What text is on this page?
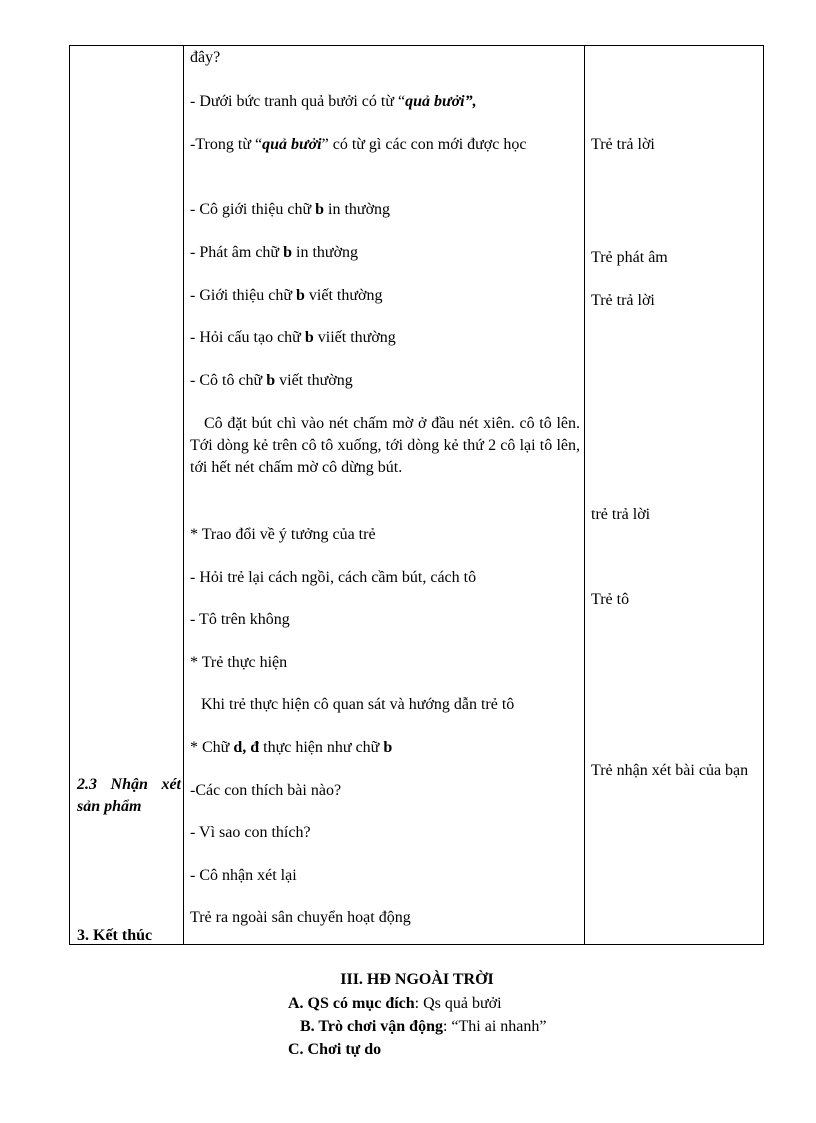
đây?
- Dưới bức tranh quả bưởi có từ “quả bưởi”,
-Trong từ “quả bưởi” có từ gì các con mới được học
- Cô giới thiệu chữ b in thường
- Phát âm chữ b in thường
- Giới thiệu chữ b viết thường
- Hỏi cấu tạo chữ b viiết thường
- Cô tô chữ b viết thường
Cô đặt bút chì vào nét chấm mờ ở đầu nét xiên. cô tô lên. Tới dòng kẻ trên cô tô xuống, tới dòng kẻ thứ 2 cô lại tô lên, tới hết nét chấm mờ cô dừng bút.
* Trao đổi về ý tưởng của trẻ
- Hỏi trẻ lại cách ngồi, cách cầm bút, cách tô
- Tô trên không
* Trẻ thực hiện
Khi trẻ thực hiện cô quan sát và hướng dẫn trẻ tô
* Chữ d, đ thực hiện như chữ b
-Các con thích bài nào?
- Vì sao con thích?
- Cô nhận xét lại
Trẻ ra ngoài sân chuyển hoạt động
Trẻ trả lời
Trẻ phát âm
Trẻ trả lời
trẻ trả lời
Trẻ tô
Trẻ nhận xét bài của bạn
2.3 Nhận xét sản phẩm
3. Kết thúc
III. HĐ NGOÀI TRỜI
A. QS có mục đích: Qs quả bưởi
B. Trò chơi vận động: “Thi ai nhanh”
C. Chơi tự do
